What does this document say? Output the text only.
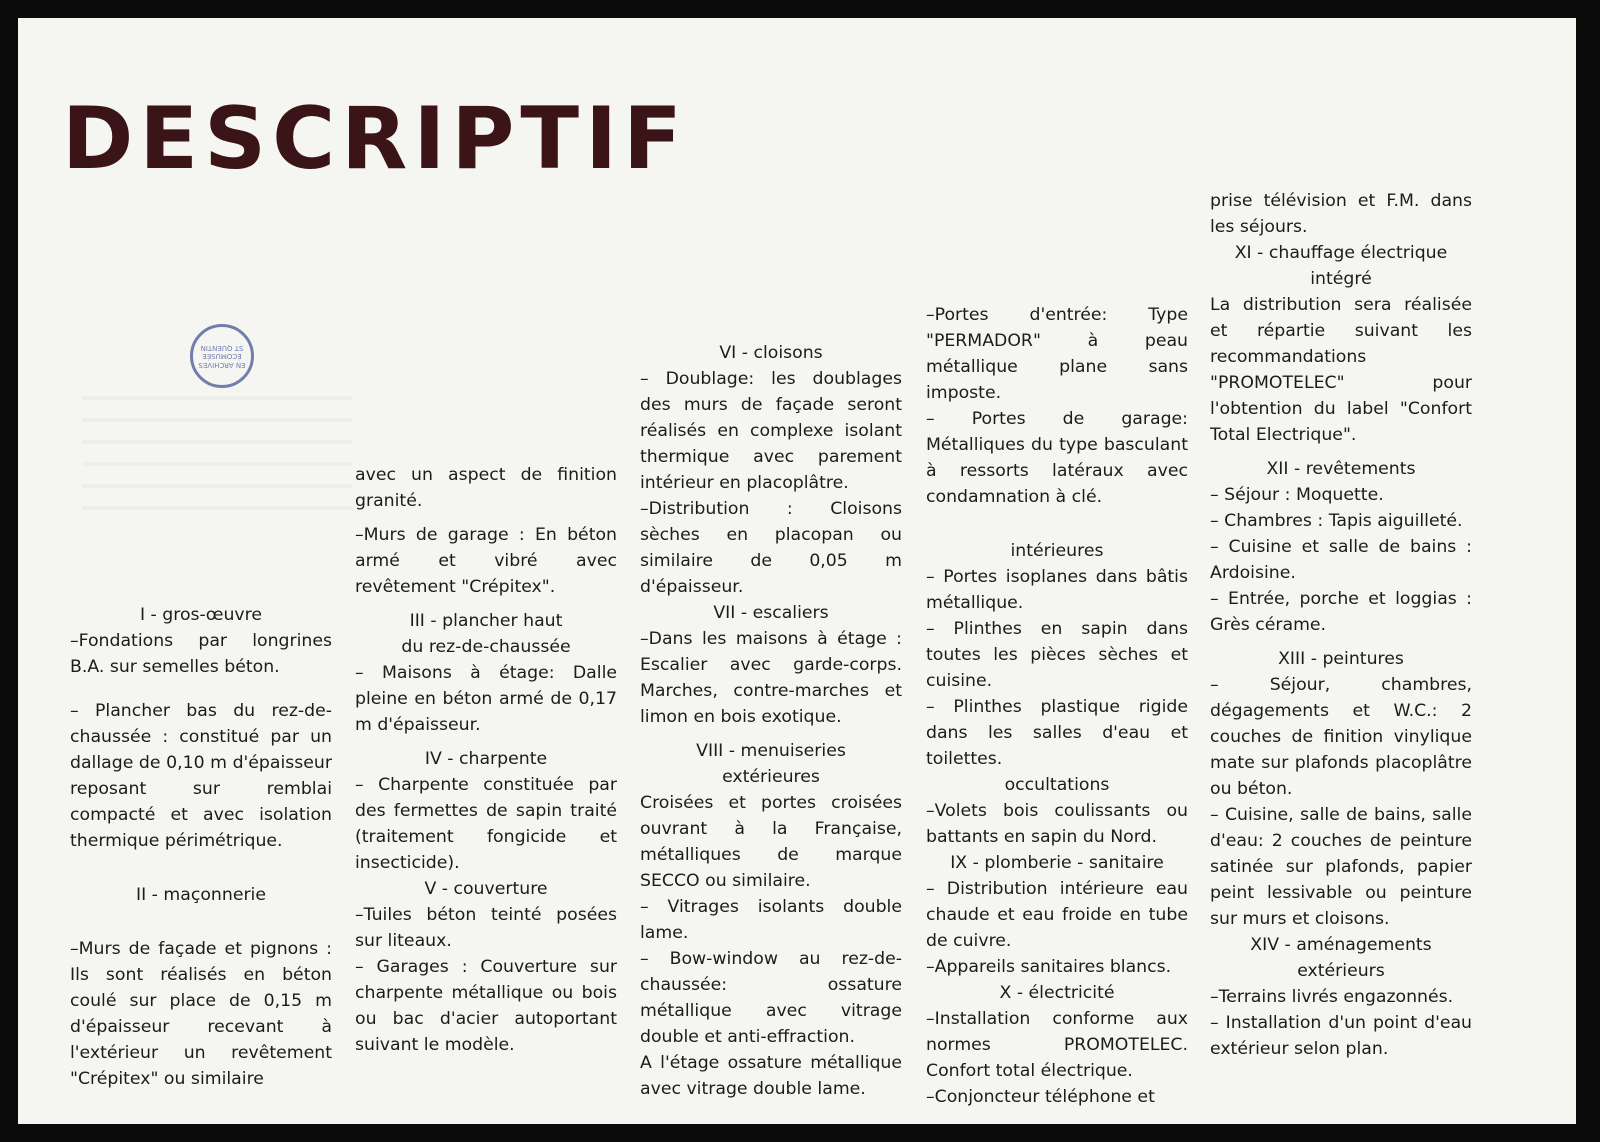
DESCRIPTIF
EN ARCHIVES
ÉCOMUSÉE
ST QUENTIN

I - gros-œuvre

–Fondations par longrines B.A. sur semelles béton.

– Plancher bas du rez-de-chaussée : constitué par un dallage de 0,10 m d'épaisseur reposant sur remblai compacté et avec isolation thermique périmétrique.

II - maçonnerie

–Murs de façade et pignons : Ils sont réalisés en béton coulé sur place de 0,15 m d'épaisseur recevant à l'extérieur un revêtement "Crépitex" ou similaire

avec un aspect de finition granité.

–Murs de garage : En béton armé et vibré avec revêtement "Crépitex".

III - plancher haut

du rez-de-chaussée

– Maisons à étage: Dalle pleine en béton armé de 0,17 m d'épaisseur.

IV - charpente

– Charpente constituée par des fermettes de sapin traité (traitement fongicide et insecticide).

V - couverture

–Tuiles béton teinté posées sur liteaux.

– Garages : Couverture sur charpente métallique ou bois ou bac d'acier autoportant suivant le modèle.

VI - cloisons

– Doublage: les doublages des murs de façade seront réalisés en complexe isolant thermique avec parement intérieur en placoplâtre.

–Distribution : Cloisons sèches en placopan ou similaire de 0,05 m d'épaisseur.

VII - escaliers

–Dans les maisons à étage : Escalier avec garde-corps. Marches, contre-marches et limon en bois exotique.

VIII - menuiseries

extérieures

Croisées et portes croisées ouvrant à la Française, métalliques de marque SECCO ou similaire.

– Vitrages isolants double lame.

– Bow-window au rez-de-chaussée: ossature métallique avec vitrage double et anti-effraction.

A l'étage ossature métallique avec vitrage double lame.

–Portes d'entrée: Type "PERMADOR" à peau métallique plane sans imposte.

– Portes de garage: Métalliques du type basculant à ressorts latéraux avec condamnation à clé.

intérieures

– Portes isoplanes dans bâtis métallique.

– Plinthes en sapin dans toutes les pièces sèches et cuisine.

– Plinthes plastique rigide dans les salles d'eau et toilettes.

occultations

–Volets bois coulissants ou battants en sapin du Nord.

IX - plomberie - sanitaire

– Distribution intérieure eau chaude et eau froide en tube de cuivre.

–Appareils sanitaires blancs.

X - électricité

–Installation conforme aux normes PROMOTELEC. Confort total électrique.

–Conjoncteur téléphone et

prise télévision et F.M. dans les séjours.

XI - chauffage électrique

intégré

La distribution sera réalisée et répartie suivant les recommandations "PROMOTELEC" pour l'obtention du label "Confort Total Electrique".

XII - revêtements

– Séjour : Moquette.

– Chambres : Tapis aiguilleté.

– Cuisine et salle de bains : Ardoisine.

– Entrée, porche et loggias : Grès cérame.

XIII - peintures

– Séjour, chambres, dégagements et W.C.: 2 couches de finition vinylique mate sur plafonds placoplâtre ou béton.

– Cuisine, salle de bains, salle d'eau: 2 couches de peinture satinée sur plafonds, papier peint lessivable ou peinture sur murs et cloisons.

XIV - aménagements

extérieurs

–Terrains livrés engazonnés.

– Installation d'un point d'eau extérieur selon plan.
